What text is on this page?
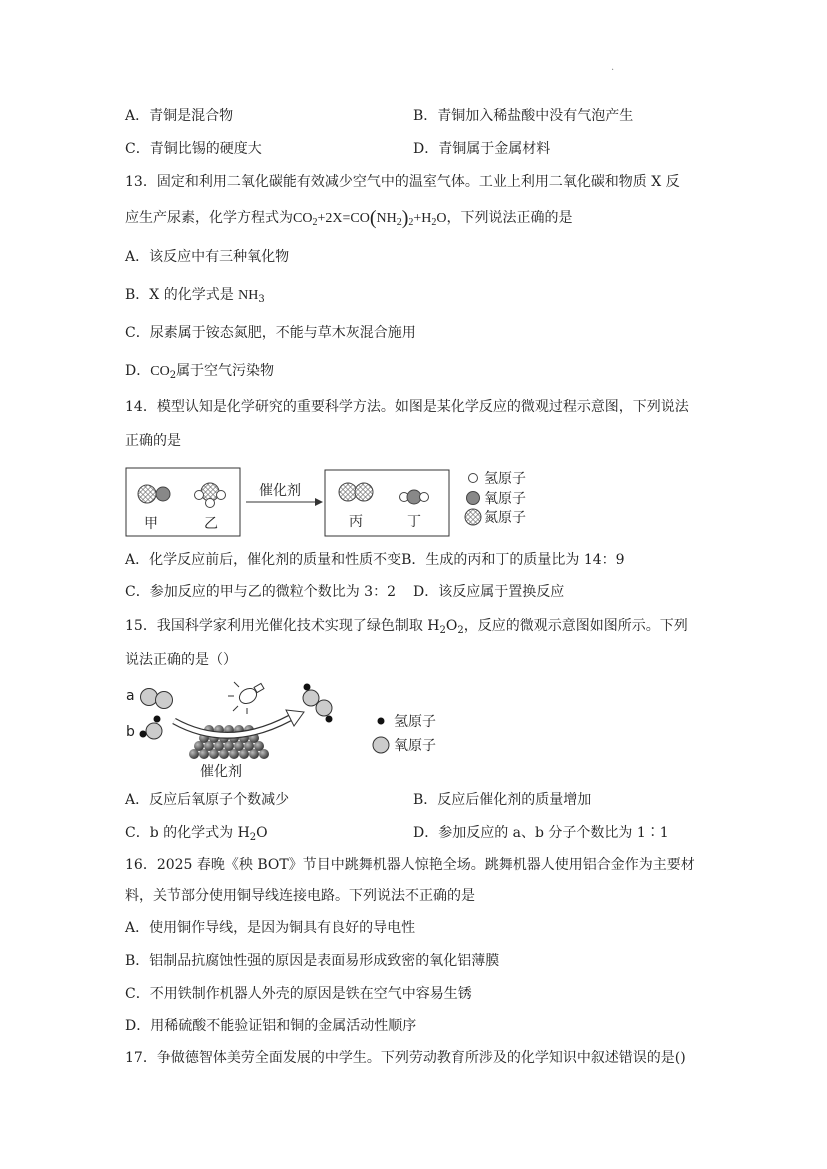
.
A．青铜是混合物	B．青铜加入稀盐酸中没有气泡产生
C．青铜比锡的硬度大	D．青铜属于金属材料
13．固定和利用二氧化碳能有效减少空气中的温室气体。工业上利用二氧化碳和物质 X 反
应生产尿素，化学方程式为$CO_2+2X=CO(NH_2)_2+H_2O$，下列说法正确的是
A．该反应中有三种氧化物
B．X 的化学式是 $NH_3$
C．尿素属于铵态氮肥，不能与草木灰混合施用
D．$CO_2$属于空气污染物
14．模型认知是化学研究的重要科学方法。如图是某化学反应的微观过程示意图，下列说法
正确的是
甲	乙
催化剂
丙	丁
氢原子
氧原子
氮原子
A．化学反应前后，催化剂的质量和性质不变B．生成的丙和丁的质量比为 14：9
C．参加反应的甲与乙的微粒个数比为 3：2 D．该反应属于置换反应
15．我国科学家利用光催化技术实现了绿色制取 $H_2O_2$，反应的微观示意图如图所示。下列
说法正确的是（）
a
b
催化剂
氢原子
氧原子
A．反应后氧原子个数减少	B．反应后催化剂的质量增加
C．b 的化学式为 $H_2O$	D．参加反应的 a、b 分子个数比为 1∶1
16．2025 春晚《秧 BOT》节目中跳舞机器人惊艳全场。跳舞机器人使用铝合金作为主要材
料，关节部分使用铜导线连接电路。下列说法不正确的是
A．使用铜作导线，是因为铜具有良好的导电性
B．铝制品抗腐蚀性强的原因是表面易形成致密的氧化铝薄膜
C．不用铁制作机器人外壳的原因是铁在空气中容易生锈
D．用稀硫酸不能验证铝和铜的金属活动性顺序
17．争做德智体美劳全面发展的中学生。下列劳动教育所涉及的化学知识中叙述错误的是()
